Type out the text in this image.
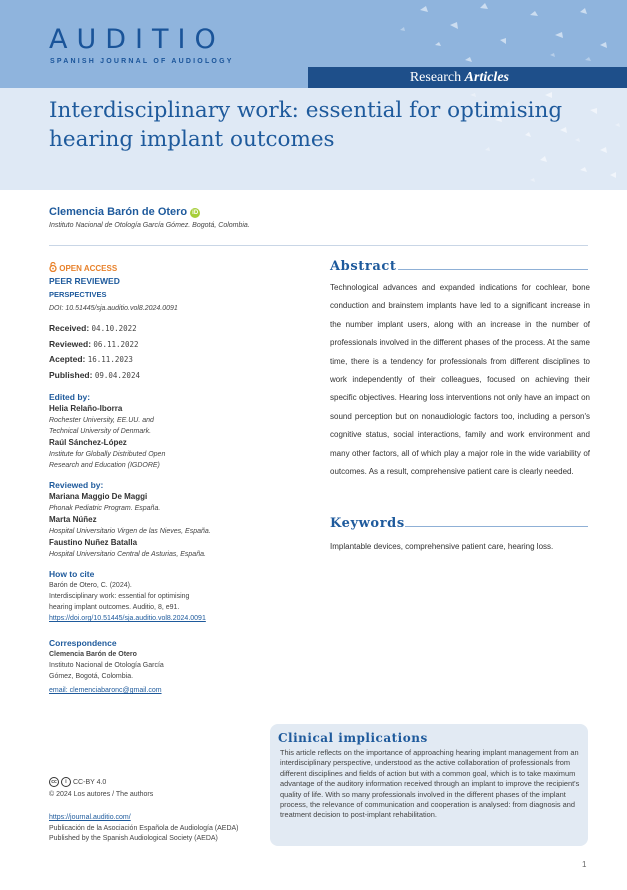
AUDITIO
SPANISH JOURNAL OF AUDIOLOGY
Research Articles
Interdisciplinary work: essential for optimising hearing implant outcomes
Clemencia Barón de Otero iD
Instituto Nacional de Otología García Gómez. Bogotá, Colombia.
OPEN ACCESS
PEER REVIEWED
PERSPECTIVES
DOI: 10.51445/sja.auditio.vol8.2024.0091
Received: 04.10.2022
Reviewed: 06.11.2022
Acepted: 16.11.2023
Published: 09.04.2024
Edited by:
Helia Relaño-Iborra
Rochester University, EE.UU. and Technical University of Denmark.
Raúl Sánchez-López
Institute for Globally Distributed Open Research and Education (IGDORE)
Reviewed by:
Mariana Maggio De Maggi
Phonak Pediatric Program. España.
Marta Núñez
Hospital Universitario Virgen de las Nieves, España.
Faustino Nuñez Batalla
Hospital Universitario Central de Asturias, España.
How to cite
Barón de Otero, C. (2024).
Interdisciplinary work: essential for optimising
hearing implant outcomes. Auditio, 8, e91.
https://doi.org/10.51445/sja.auditio.vol8.2024.0091
Correspondence
Clemencia Barón de Otero
Instituto Nacional de Otología García
Gómez, Bogotá, Colombia.
email: clemenciabaronc@gmail.com
cc i CC-BY 4.0
© 2024 Los autores / The authors
https://journal.auditio.com/
Publicación de la Asociación Española de Audiología (AEDA)
Published by the Spanish Audiological Society (AEDA)
Abstract
Technological advances and expanded indications for cochlear, bone conduction and brainstem implants have led to a significant increase in the number implant users, along with an increase in the number of professionals involved in the different phases of the process. At the same time, there is a tendency for professionals from different disciplines to work independently of their colleagues, focused on achieving their specific objectives. Hearing loss interventions not only have an impact on sound perception but on nonaudiologic factors too, including a person's cognitive status, social interactions, family and work environment and many other factors, all of which play a major role in the wide variability of outcomes. As a result, comprehensive patient care is clearly needed.
Keywords
Implantable devices, comprehensive patient care, hearing loss.
Clinical implications
This article reflects on the importance of approaching hearing implant management from an interdisciplinary perspective, understood as the active collaboration of professionals from different disciplines and fields of action but with a common goal, which is to take maximum advantage of the auditory information received through an implant to improve the recipient's quality of life. With so many professionals involved in the different phases of the implant process, the relevance of communication and cooperation is analysed: from diagnosis and treatment decision to post-implant rehabilitation.
1
